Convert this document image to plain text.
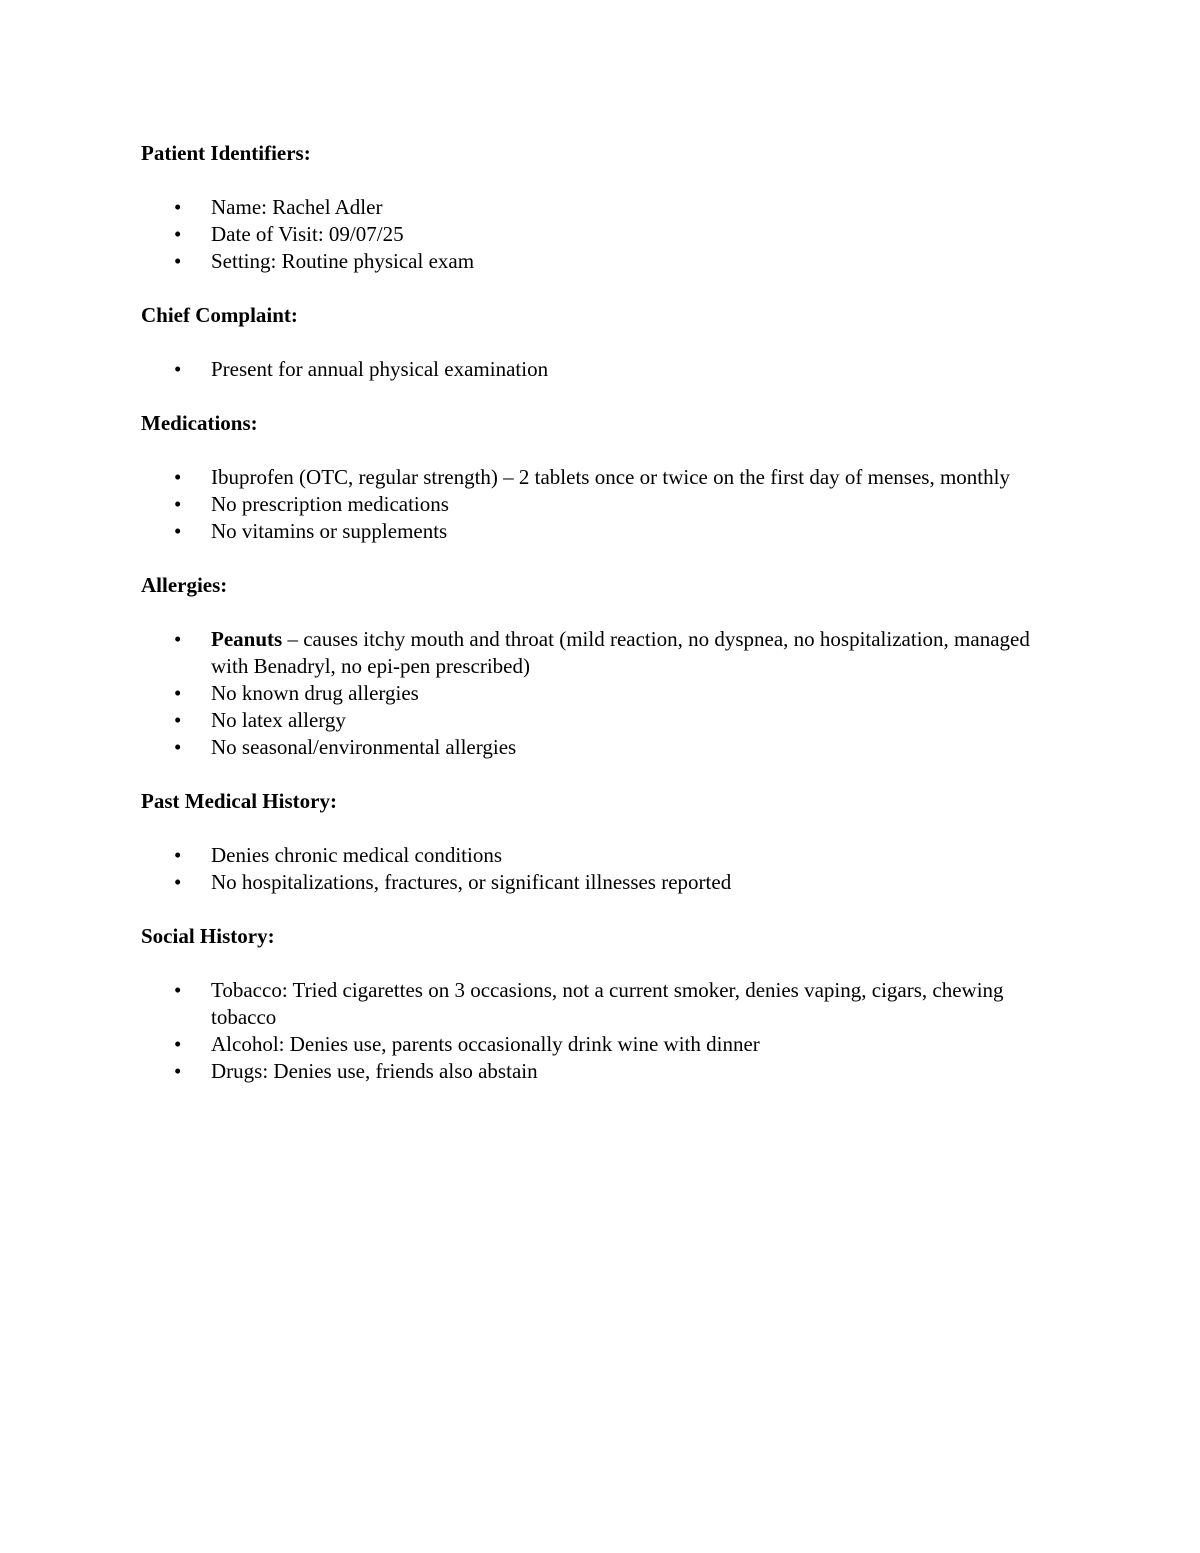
Patient Identifiers:
• Name: Rachel Adler
• Date of Visit: 09/07/25
• Setting: Routine physical exam
Chief Complaint:
• Present for annual physical examination
Medications:
• Ibuprofen (OTC, regular strength) – 2 tablets once or twice on the first day of menses, monthly
• No prescription medications
• No vitamins or supplements
Allergies:
• Peanuts – causes itchy mouth and throat (mild reaction, no dyspnea, no hospitalization, managed with Benadryl, no epi-pen prescribed)
• No known drug allergies
• No latex allergy
• No seasonal/environmental allergies
Past Medical History:
• Denies chronic medical conditions
• No hospitalizations, fractures, or significant illnesses reported
Social History:
• Tobacco: Tried cigarettes on 3 occasions, not a current smoker, denies vaping, cigars, chewing tobacco
• Alcohol: Denies use, parents occasionally drink wine with dinner
• Drugs: Denies use, friends also abstain
